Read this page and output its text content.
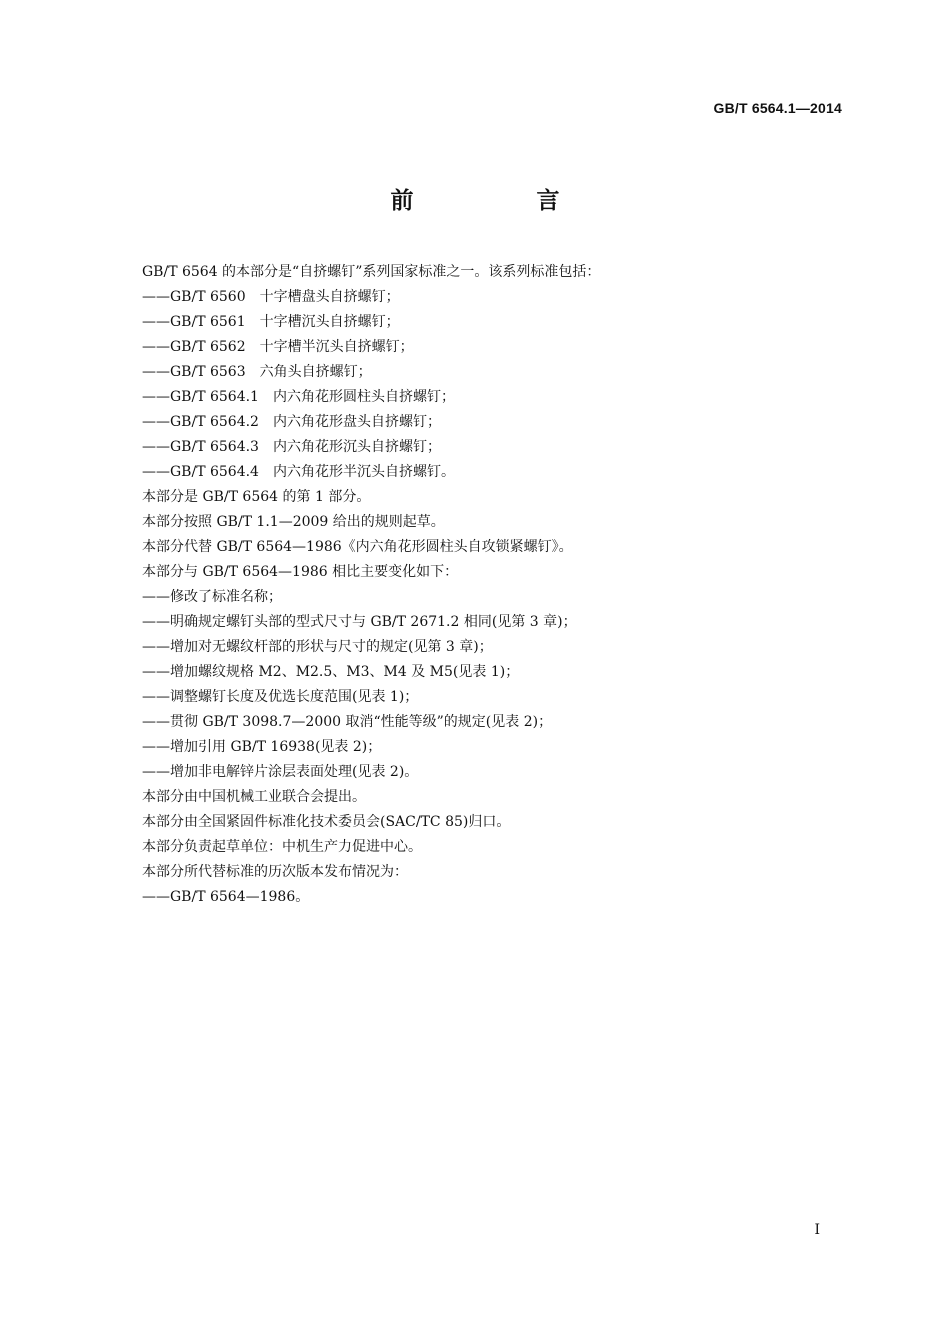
GB/T 6564.1—2014
前　言
GB/T 6564 的本部分是“自挤螺钉”系列国家标准之一。该系列标准包括：
——GB/T 6560　十字槽盘头自挤螺钉；
——GB/T 6561　十字槽沉头自挤螺钉；
——GB/T 6562　十字槽半沉头自挤螺钉；
——GB/T 6563　六角头自挤螺钉；
——GB/T 6564.1　内六角花形圆柱头自挤螺钉；
——GB/T 6564.2　内六角花形盘头自挤螺钉；
——GB/T 6564.3　内六角花形沉头自挤螺钉；
——GB/T 6564.4　内六角花形半沉头自挤螺钉。
本部分是 GB/T 6564 的第 1 部分。
本部分按照 GB/T 1.1—2009 给出的规则起草。
本部分代替 GB/T 6564—1986《内六角花形圆柱头自攻锁紧螺钉》。
本部分与 GB/T 6564—1986 相比主要变化如下：
——修改了标准名称；
——明确规定螺钉头部的型式尺寸与 GB/T 2671.2 相同(见第 3 章)；
——增加对无螺纹杆部的形状与尺寸的规定(见第 3 章)；
——增加螺纹规格 M2、M2.5、M3、M4 及 M5(见表 1)；
——调整螺钉长度及优选长度范围(见表 1)；
——贯彻 GB/T 3098.7—2000 取消“性能等级”的规定(见表 2)；
——增加引用 GB/T 16938(见表 2)；
——增加非电解锌片涂层表面处理(见表 2)。
本部分由中国机械工业联合会提出。
本部分由全国紧固件标准化技术委员会(SAC/TC 85)归口。
本部分负责起草单位：中机生产力促进中心。
本部分所代替标准的历次版本发布情况为：
——GB/T 6564—1986。
I
